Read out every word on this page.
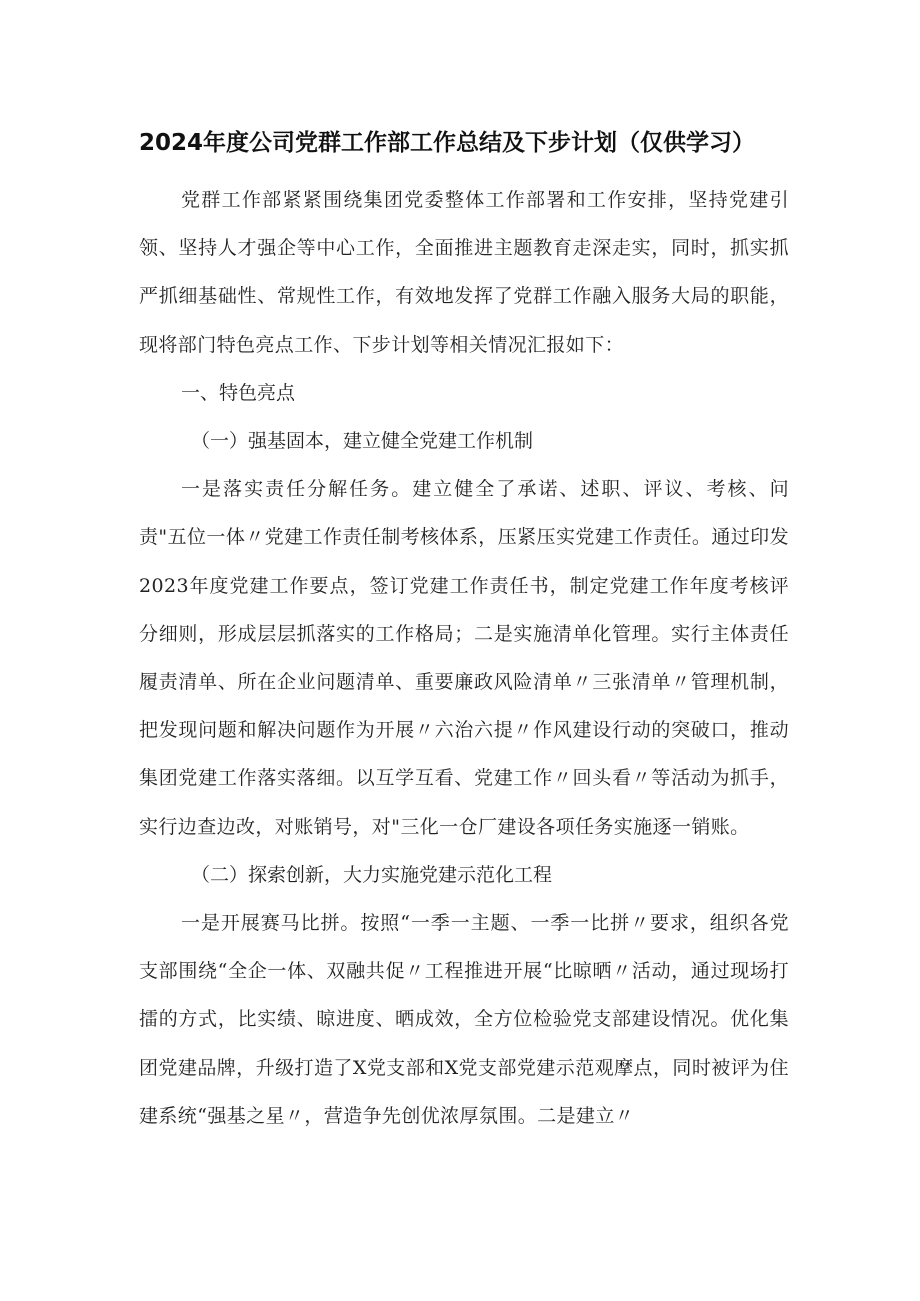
2024年度公司党群工作部工作总结及下步计划（仅供学习）

党群工作部紧紧围绕集团党委整体工作部署和工作安排，坚持党建引领、坚持人才强企等中心工作，全面推进主题教育走深走实，同时，抓实抓严抓细基础性、常规性工作，有效地发挥了党群工作融入服务大局的职能，现将部门特色亮点工作、下步计划等相关情况汇报如下：

一、特色亮点

（一）强基固本，建立健全党建工作机制

一是落实责任分解任务。建立健全了承诺、述职、评议、考核、问责"五位一体〃党建工作责任制考核体系，压紧压实党建工作责任。通过印发2023年度党建工作要点，签订党建工作责任书，制定党建工作年度考核评分细则，形成层层抓落实的工作格局；二是实施清单化管理。实行主体责任履责清单、所在企业问题清单、重要廉政风险清单〃三张清单〃管理机制，把发现问题和解决问题作为开展〃六治六提〃作风建设行动的突破口，推动集团党建工作落实落细。以互学互看、党建工作〃回头看〃等活动为抓手，实行边查边改，对账销号，对"三化一仓厂建设各项任务实施逐一销账。

（二）探索创新，大力实施党建示范化工程

一是开展赛马比拼。按照“一季一主题、一季一比拼〃要求，组织各党支部围绕“全企一体、双融共促〃工程推进开展“比晾晒〃活动，通过现场打擂的方式，比实绩、晾进度、晒成效，全方位检验党支部建设情况。优化集团党建品牌，升级打造了X党支部和X党支部党建示范观摩点，同时被评为住建系统“强基之星〃，营造争先创优浓厚氛围。二是建立〃
